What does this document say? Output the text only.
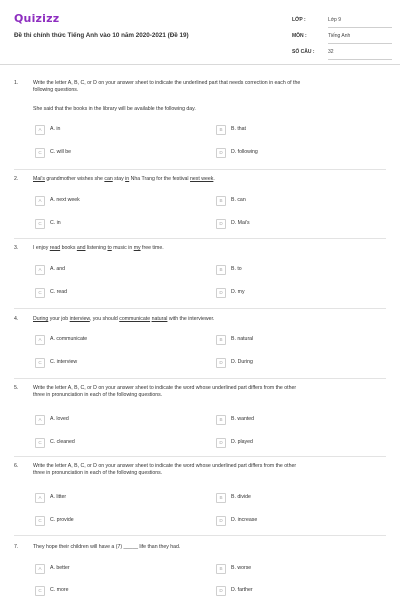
Quizizz
Đề thi chính thức Tiếng Anh vào 10 năm 2020-2021 (Đề 19)
LỚP :	Lớp 9
MÔN :	Tiếng Anh
SỐ CÂU :	32
1.	Write the letter A, B, C, or D on your answer sheet to indicate the underlined part that needs correction in each of the
following questions.
She said that the books in the library will be available the following day.
A	A. in	B	B. that
C	C. will be	D	D. following
2.	Mai's grandmother wishes she can stay in Nha Trang for the festival next week.
A	A. next week	B	B. can
C	C. in	D	D. Mai's
3.	I enjoy read books and listening to music in my free time.
A	A. and	B	B. to
C	C. read	D	D. my
4.	During your job interview, you should communicate natural with the interviewer.
A	A. communicate	B	B. natural
C	C. interview	D	D. During
5.	Write the letter A, B, C, or D on your answer sheet to indicate the word whose underlined part differs from the other
three in pronunciation in each of the following questions.
A	A. loved	B	B. wanted
C	C. cleaned	D	D. played
6.	Write the letter A, B, C, or D on your answer sheet to indicate the word whose underlined part differs from the other
three in pronunciation in each of the following questions.
A	A. litter	B	B. divide
C	C. provide	D	D. increase
7.	They hope their children will have a (7) _____ life than they had.
A	A. better	B	B. worse
C	C. more	D	D. farther
